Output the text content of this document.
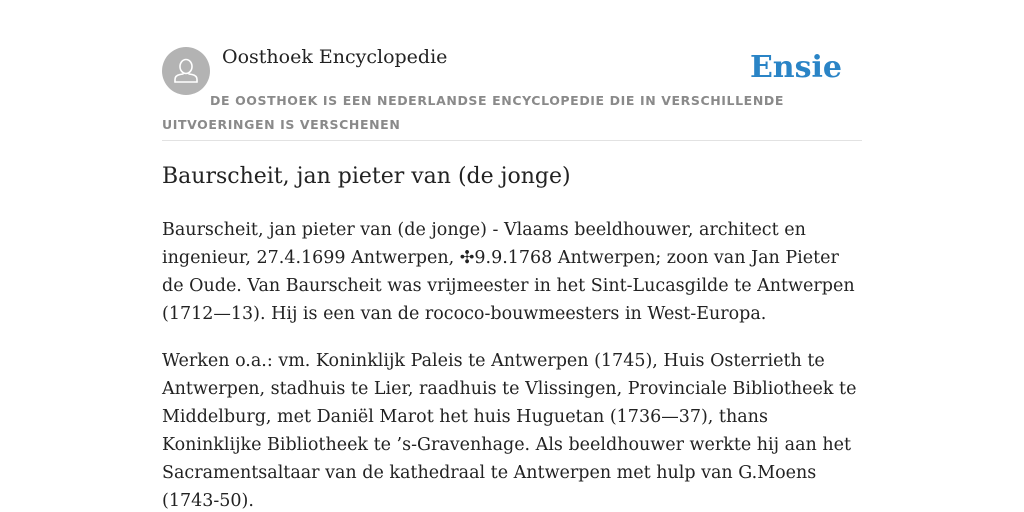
Oosthoek Encyclopedie	Ensie
DE OOSTHOEK IS EEN NEDERLANDSE ENCYCLOPEDIE DIE IN VERSCHILLENDE UITVOERINGEN IS VERSCHENEN
Baurscheit, jan pieter van (de jonge)

Baurscheit, jan pieter van (de jonge) - Vlaams beeldhouwer, architect en ingenieur, 27.4.1699 Antwerpen, ✣9.9.1768 Antwerpen; zoon van Jan Pieter de Oude. Van Baurscheit was vrijmeester in het Sint-Lucasgilde te Antwerpen (1712—13). Hij is een van de rococo-bouwmeesters in West-Europa.

Werken o.a.: vm. Koninklijk Paleis te Antwerpen (1745), Huis Osterrieth te Antwerpen, stadhuis te Lier, raadhuis te Vlissingen, Provinciale Bibliotheek te Middelburg, met Daniël Marot het huis Huguetan (1736—37), thans Koninklijke Bibliotheek te ’s-Gravenhage. Als beeldhouwer werkte hij aan het Sacramentsaltaar van de kathedraal te Antwerpen met hulp van G.Moens (1743-50).
